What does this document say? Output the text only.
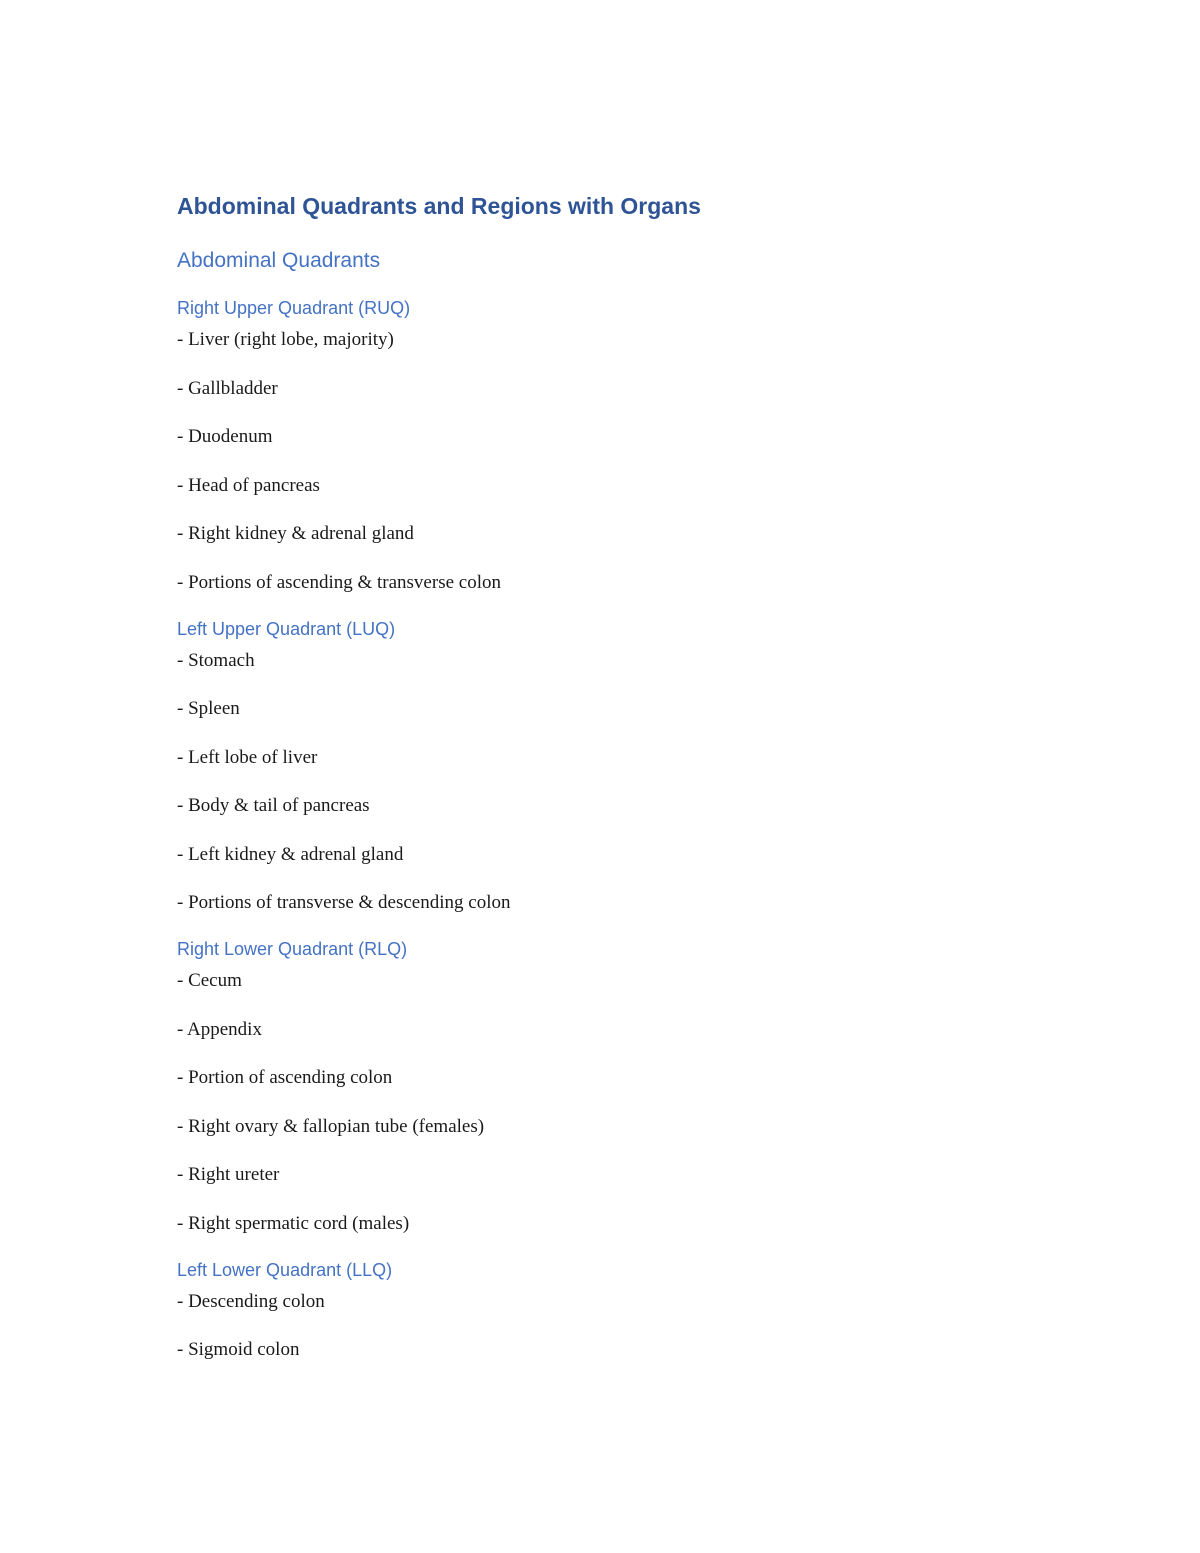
Abdominal Quadrants and Regions with Organs
Abdominal Quadrants
Right Upper Quadrant (RUQ)
- Liver (right lobe, majority)
- Gallbladder
- Duodenum
- Head of pancreas
- Right kidney & adrenal gland
- Portions of ascending & transverse colon
Left Upper Quadrant (LUQ)
- Stomach
- Spleen
- Left lobe of liver
- Body & tail of pancreas
- Left kidney & adrenal gland
- Portions of transverse & descending colon
Right Lower Quadrant (RLQ)
- Cecum
- Appendix
- Portion of ascending colon
- Right ovary & fallopian tube (females)
- Right ureter
- Right spermatic cord (males)
Left Lower Quadrant (LLQ)
- Descending colon
- Sigmoid colon
